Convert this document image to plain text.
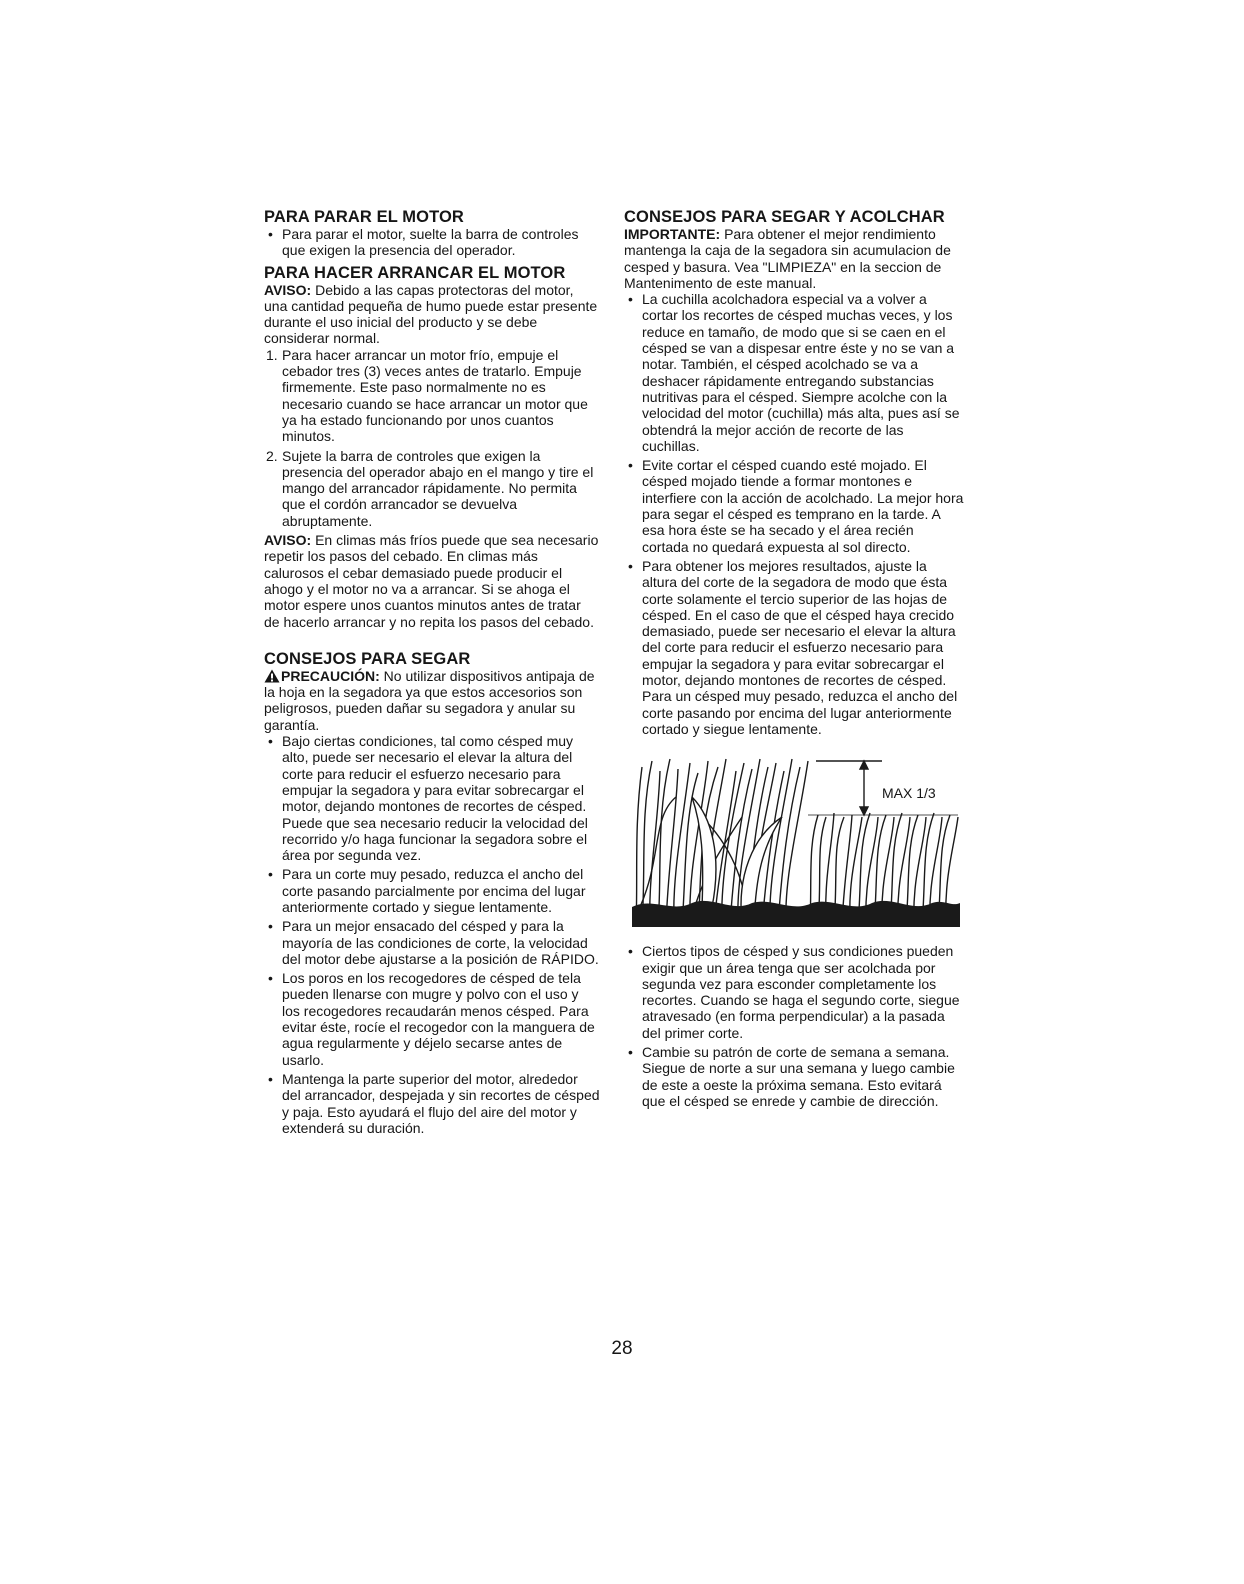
PARA PARAR EL MOTOR
• Para parar el motor, suelte la barra de controles que exigen la presencia del operador.
PARA HACER ARRANCAR EL MOTOR

AVISO: Debido a las capas protectoras del motor, una cantidad pequeña de humo puede estar presente durante el uso inicial del producto y se debe considerar normal.

1. Para hacer arrancar un motor frío, empuje el cebador tres (3) veces antes de tratarlo. Empuje firmemente. Este paso normalmente no es necesario cuando se hace arrancar un motor que ya ha estado funcionando por unos cuantos minutos.
2. Sujete la barra de controles que exigen la presencia del operador abajo en el mango y tire el mango del arrancador rápidamente. No permita que el cordón arrancador se devuelva abruptamente.

AVISO: En climas más fríos puede que sea necesario repetir los pasos del cebado. En climas más calurosos el cebar demasiado puede producir el ahogo y el motor no va a arrancar. Si se ahoga el motor espere unos cuantos minutos antes de tratar de hacerlo arrancar y no repita los pasos del cebado.

CONSEJOS PARA SEGAR

PRECAUCIÓN: No utilizar dispositivos antipaja de la hoja en la segadora ya que estos accesorios son peligrosos, pueden dañar su segadora y anular su garantía.

• Bajo ciertas condiciones, tal como césped muy alto, puede ser necesario el elevar la altura del corte para reducir el esfuerzo necesario para empujar la segadora y para evitar sobrecargar el motor, dejando montones de recortes de césped. Puede que sea necesario reducir la velocidad del recorrido y/o haga funcionar la segadora sobre el área por segunda vez.
• Para un corte muy pesado, reduzca el ancho del corte pasando parcialmente por encima del lugar anteriormente cortado y siegue lentamente.
• Para un mejor ensacado del césped y para la mayoría de las condiciones de corte, la velocidad del motor debe ajustarse a la posición de RÁPIDO.
• Los poros en los recogedores de césped de tela pueden llenarse con mugre y polvo con el uso y los recogedores recaudarán menos césped. Para evitar éste, rocíe el recogedor con la manguera de agua regularmente y déjelo secarse antes de usarlo.
• Mantenga la parte superior del motor, alrededor del arrancador, despejada y sin recortes de césped y paja. Esto ayudará el flujo del aire del motor y extenderá su duración.
CONSEJOS PARA SEGAR Y ACOLCHAR

IMPORTANTE: Para obtener el mejor rendimiento mantenga la caja de la segadora sin acumulacion de cesped y basura. Vea "LIMPIEZA" en la seccion de Mantenimento de este manual.

• La cuchilla acolchadora especial va a volver a cortar los recortes de césped muchas veces, y los reduce en tamaño, de modo que si se caen en el césped se van a dispesar entre éste y no se van a notar. También, el césped acolchado se va a deshacer rápidamente entregando substancias nutritivas para el césped. Siempre acolche con la velocidad del motor (cuchilla) más alta, pues así se obtendrá la mejor acción de recorte de las cuchillas.
• Evite cortar el césped cuando esté mojado. El césped mojado tiende a formar montones e interfiere con la acción de acolchado. La mejor hora para segar el césped es temprano en la tarde. A esa hora éste se ha secado y el área recién cortada no quedará expuesta al sol directo.
• Para obtener los mejores resultados, ajuste la altura del corte de la segadora de modo que ésta corte solamente el tercio superior de las hojas de césped. En el caso de que el césped haya crecido demasiado, puede ser necesario el elevar la altura del corte para reducir el esfuerzo necesario para empujar la segadora y para evitar sobrecargar el motor, dejando montones de recortes de césped. Para un césped muy pesado, reduzca el ancho del corte pasando por encima del lugar anteriormente cortado y siegue lentamente.
MAX 1/3
• Ciertos tipos de césped y sus condiciones pueden exigir que un área tenga que ser acolchada por segunda vez para esconder completamente los recortes. Cuando se haga el segundo corte, siegue atravesado (en forma perpendicular) a la pasada del primer corte.
• Cambie su patrón de corte de semana a semana. Siegue de norte a sur una semana y luego cambie de este a oeste la próxima semana. Esto evitará que el césped se enrede y cambie de dirección.
28
